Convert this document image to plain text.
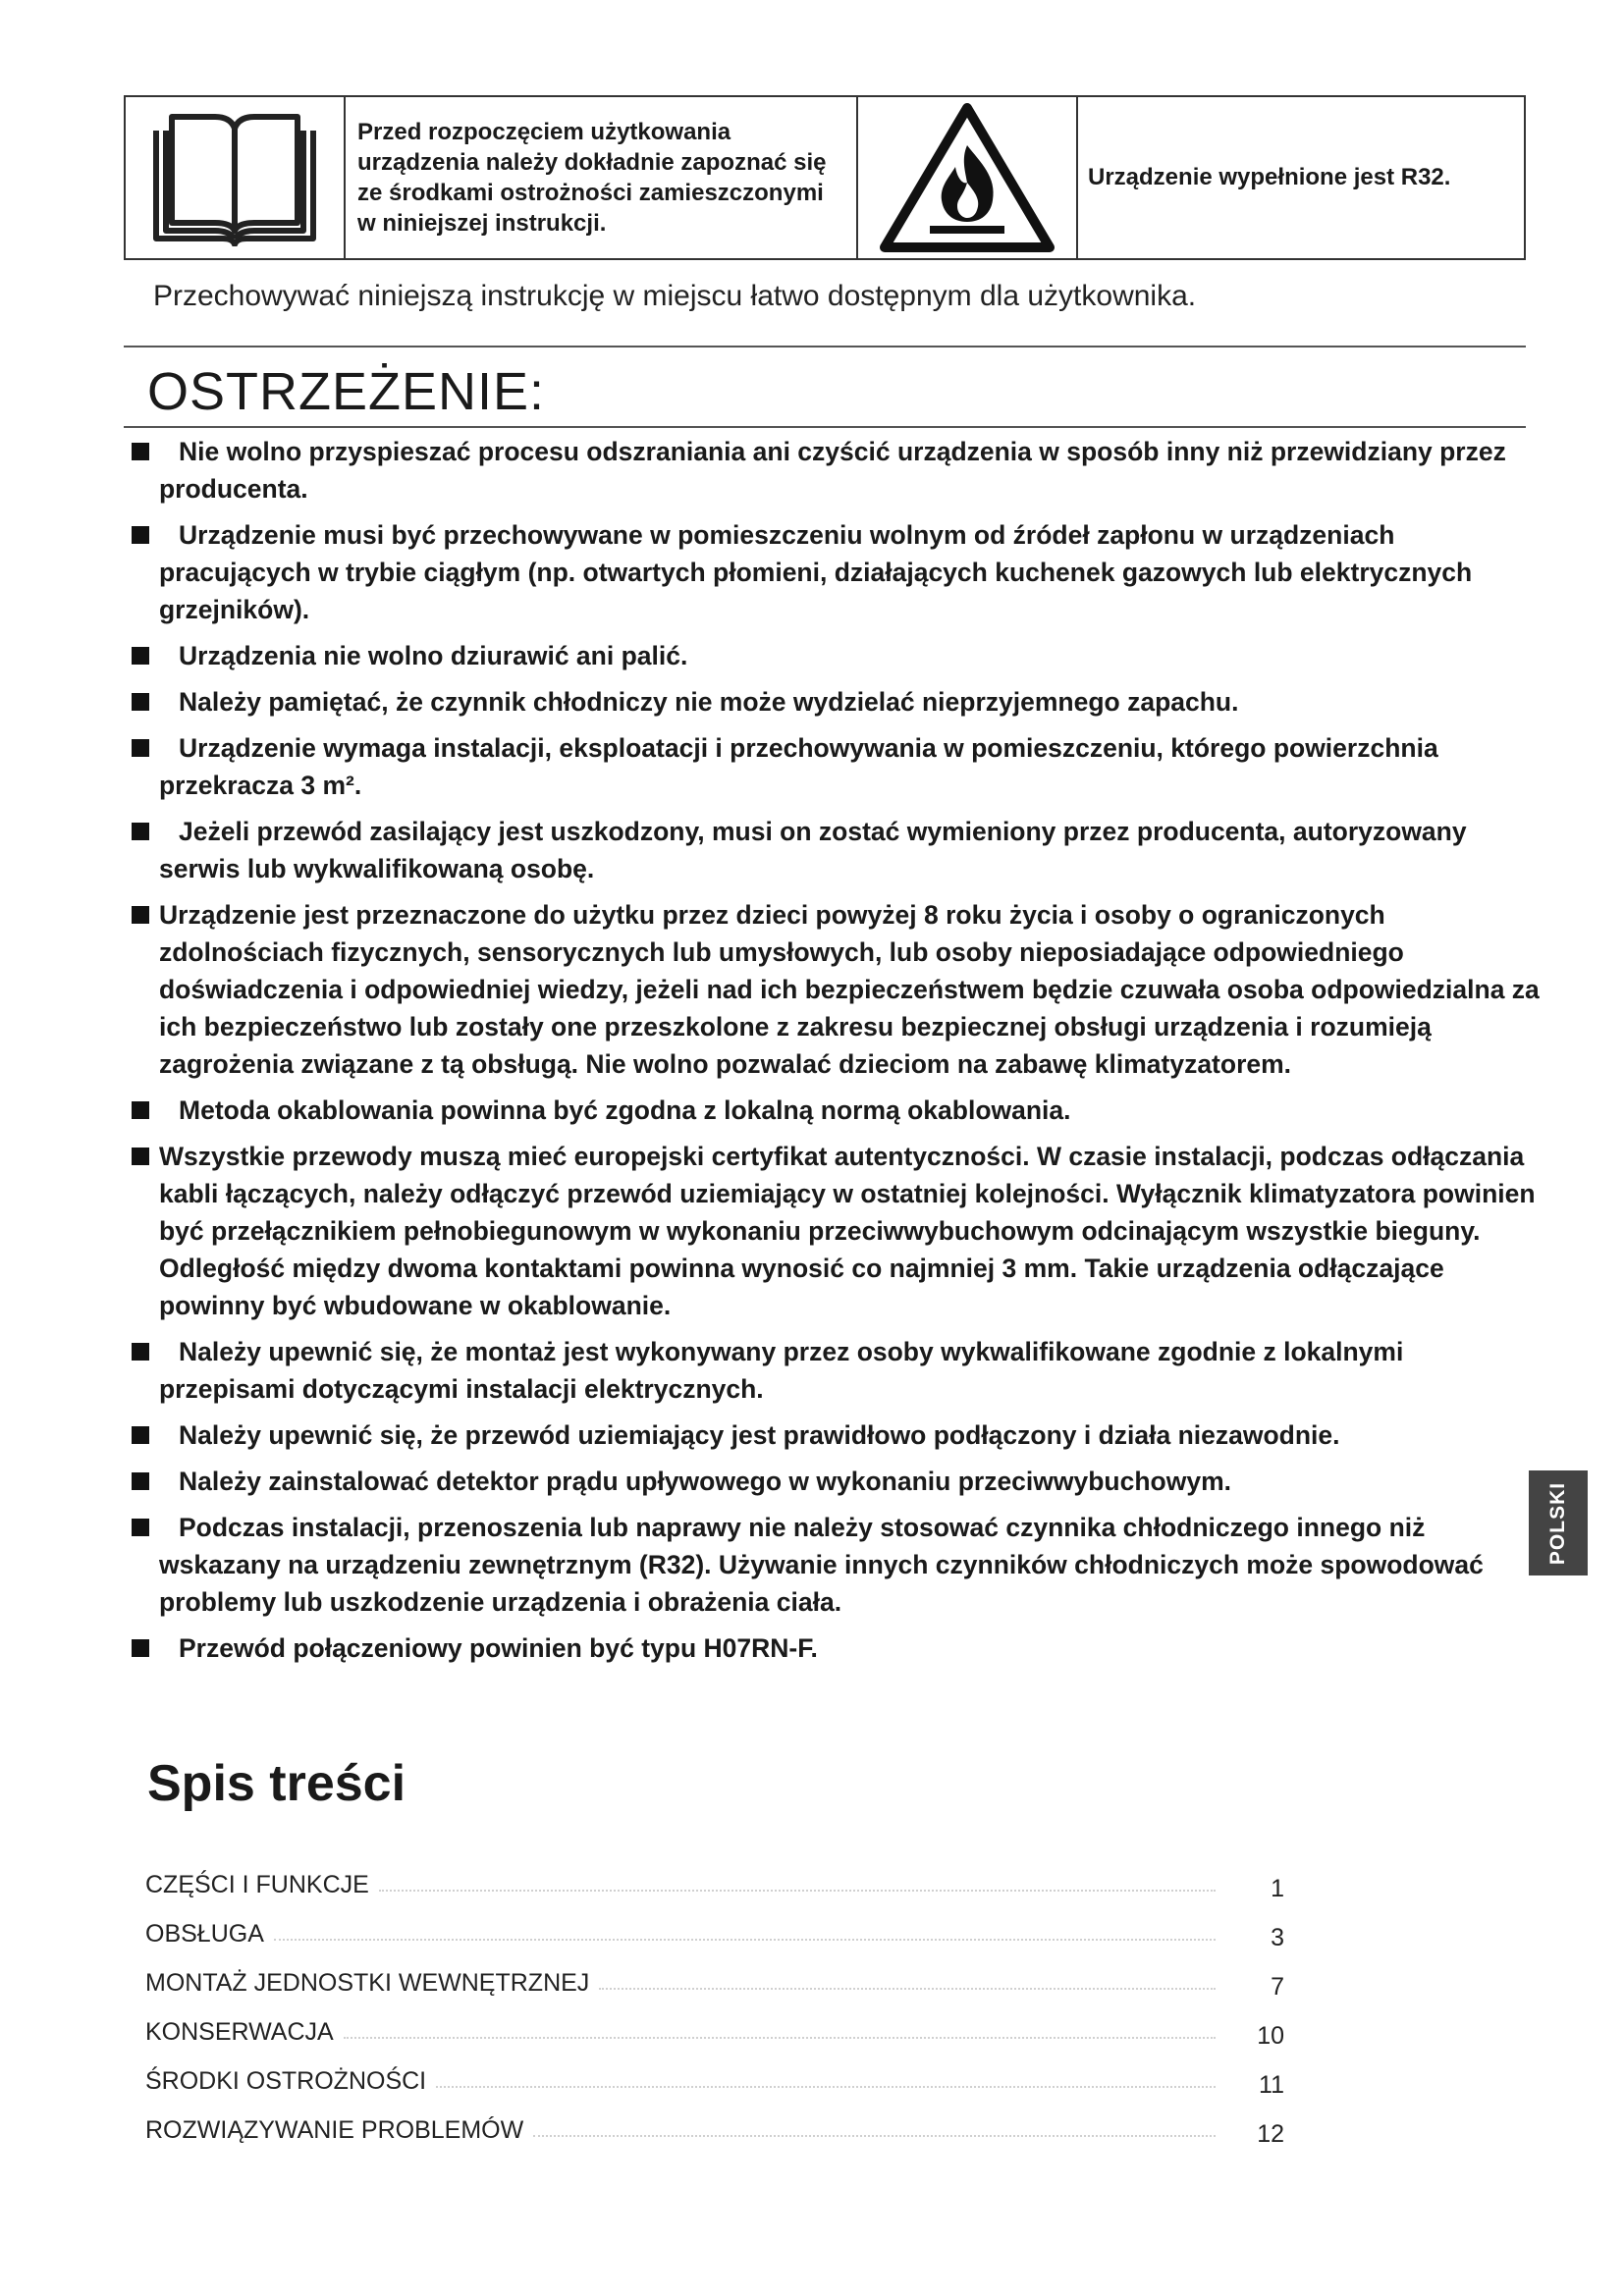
Przed rozpoczęciem użytkowania urządzenia należy dokładnie zapoznać się ze środkami ostrożności zamieszczonymi w niniejszej instrukcji.
Urządzenie wypełnione jest R32.
Przechowywać niniejszą instrukcję w miejscu łatwo dostępnym dla użytkownika.
OSTRZEŻENIE:
Nie wolno przyspieszać procesu odszraniania ani czyścić urządzenia w sposób inny niż przewidziany przez producenta.
Urządzenie musi być przechowywane w pomieszczeniu wolnym od źródeł zapłonu w urządzeniach pracujących w trybie ciągłym (np. otwartych płomieni, działających kuchenek gazowych lub elektrycznych grzejników).
Urządzenia nie wolno dziurawić ani palić.
Należy pamiętać, że czynnik chłodniczy nie może wydzielać nieprzyjemnego zapachu.
Urządzenie wymaga instalacji, eksploatacji i przechowywania w pomieszczeniu, którego powierzchnia przekracza 3 m².
Jeżeli przewód zasilający jest uszkodzony, musi on zostać wymieniony przez producenta, autoryzowany serwis lub wykwalifikowaną osobę.
Urządzenie jest przeznaczone do użytku przez dzieci powyżej 8 roku życia i osoby o ograniczonych zdolnościach fizycznych, sensorycznych lub umysłowych, lub osoby nieposiadające odpowiedniego doświadczenia i odpowiedniej wiedzy, jeżeli nad ich bezpieczeństwem będzie czuwała osoba odpowiedzialna za ich bezpieczeństwo lub zostały one przeszkolone z zakresu bezpiecznej obsługi urządzenia i rozumieją zagrożenia związane z tą obsługą. Nie wolno pozwalać dzieciom na zabawę klimatyzatorem.
Metoda okablowania powinna być zgodna z lokalną normą okablowania.
Wszystkie przewody muszą mieć europejski certyfikat autentyczności. W czasie instalacji, podczas odłączania kabli łączących, należy odłączyć przewód uziemiający w ostatniej kolejności. Wyłącznik klimatyzatora powinien być przełącznikiem pełnobiegunowym w wykonaniu przeciwwybuchowym odcinającym wszystkie bieguny. Odległość między dwoma kontaktami powinna wynosić co najmniej 3 mm. Takie urządzenia odłączające powinny być wbudowane w okablowanie.
Należy upewnić się, że montaż jest wykonywany przez osoby wykwalifikowane zgodnie z lokalnymi przepisami dotyczącymi instalacji elektrycznych.
Należy upewnić się, że przewód uziemiający jest prawidłowo podłączony i działa niezawodnie.
Należy zainstalować detektor prądu upływowego w wykonaniu przeciwwybuchowym.
Podczas instalacji, przenoszenia lub naprawy nie należy stosować czynnika chłodniczego innego niż wskazany na urządzeniu zewnętrznym (R32). Używanie innych czynników chłodniczych może spowodować problemy lub uszkodzenie urządzenia i obrażenia ciała.
Przewód połączeniowy powinien być typu H07RN-F.
Spis treści
CZĘŚCI I FUNKCJE	1
OBSŁUGA	3
MONTAŻ JEDNOSTKI WEWNĘTRZNEJ	7
KONSERWACJA	10
ŚRODKI OSTROŻNOŚCI	11
ROZWIĄZYWANIE PROBLEMÓW	12
POLSKI
